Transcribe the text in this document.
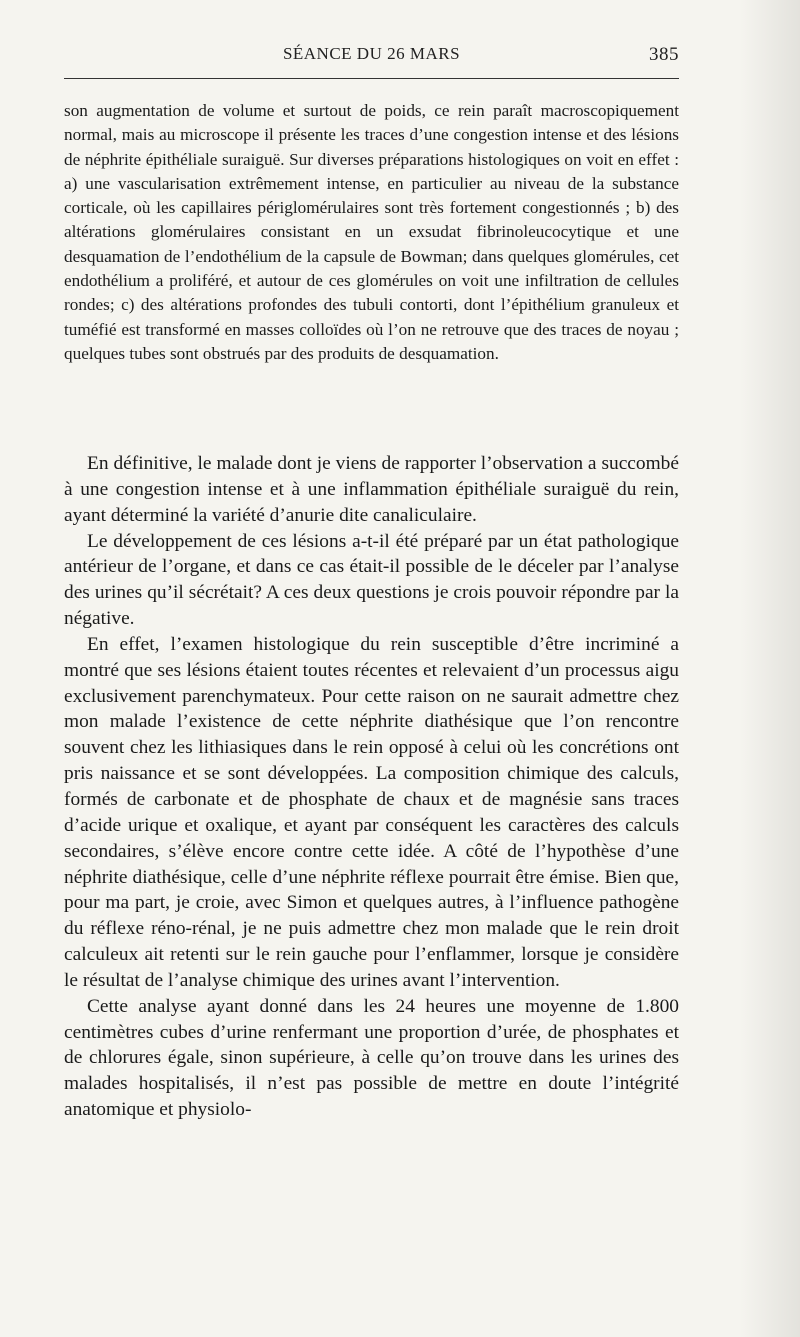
SÉANCE DU 26 MARS	385

son augmentation de volume et surtout de poids, ce rein paraît macroscopiquement normal, mais au microscope il présente les traces d’une congestion intense et des lésions de néphrite épithéliale suraiguë. Sur diverses préparations histologiques on voit en effet : a) une vascularisation extrêmement intense, en particulier au niveau de la substance corticale, où les capillaires périglomérulaires sont très fortement congestionnés ; b) des altérations glomérulaires consistant en un exsudat fibrinoleucocytique et une desquamation de l’endothélium de la capsule de Bowman; dans quelques glomérules, cet endothélium a proliféré, et autour de ces glomérules on voit une infiltration de cellules rondes; c) des altérations profondes des tubuli contorti, dont l’épithélium granuleux et tuméfié est transformé en masses colloïdes où l’on ne retrouve que des traces de noyau ; quelques tubes sont obstrués par des produits de desquamation.

En définitive, le malade dont je viens de rapporter l’observation a succombé à une congestion intense et à une inflammation épithéliale suraiguë du rein, ayant déterminé la variété d’anurie dite canaliculaire.

Le développement de ces lésions a-t-il été préparé par un état pathologique antérieur de l’organe, et dans ce cas était-il possible de le déceler par l’analyse des urines qu’il sécrétait? A ces deux questions je crois pouvoir répondre par la négative.

En effet, l’examen histologique du rein susceptible d’être incriminé a montré que ses lésions étaient toutes récentes et relevaient d’un processus aigu exclusivement parenchymateux. Pour cette raison on ne saurait admettre chez mon malade l’existence de cette néphrite diathésique que l’on rencontre souvent chez les lithiasiques dans le rein opposé à celui où les concrétions ont pris naissance et se sont développées. La composition chimique des calculs, formés de carbonate et de phosphate de chaux et de magnésie sans traces d’acide urique et oxalique, et ayant par conséquent les caractères des calculs secondaires, s’élève encore contre cette idée. A côté de l’hypothèse d’une néphrite diathésique, celle d’une néphrite réflexe pourrait être émise. Bien que, pour ma part, je croie, avec Simon et quelques autres, à l’influence pathogène du réflexe réno-rénal, je ne puis admettre chez mon malade que le rein droit calculeux ait retenti sur le rein gauche pour l’enflammer, lorsque je considère le résultat de l’analyse chimique des urines avant l’intervention.

Cette analyse ayant donné dans les 24 heures une moyenne de 1.800 centimètres cubes d’urine renfermant une proportion d’urée, de phosphates et de chlorures égale, sinon supérieure, à celle qu’on trouve dans les urines des malades hospitalisés, il n’est pas possible de mettre en doute l’intégrité anatomique et physiolo-
